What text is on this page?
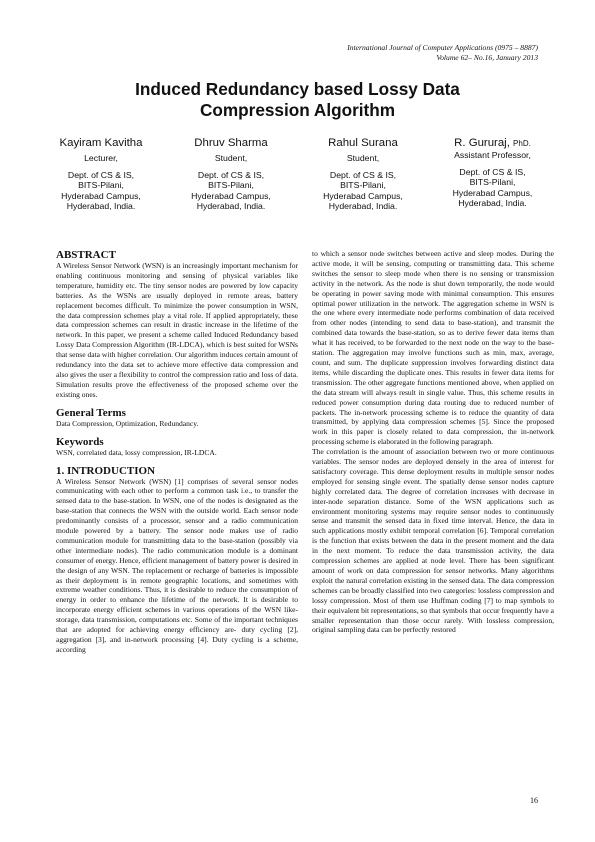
International Journal of Computer Applications (0975 – 8887)
Volume 62– No.16, January 2013
Induced Redundancy based Lossy Data
Compression Algorithm
Kayiram Kavitha
Lecturer,
Dept. of CS & IS,
BITS-Pilani,
Hyderabad Campus,
Hyderabad, India.
Dhruv Sharma
Student,
Dept. of CS & IS,
BITS-Pilani,
Hyderabad Campus,
Hyderabad, India.
Rahul Surana
Student,
Dept. of CS & IS,
BITS-Pilani,
Hyderabad Campus,
Hyderabad, India.
R. Gururaj, PhD.
Assistant Professor,
Dept. of CS & IS,
BITS-Pilani,
Hyderabad Campus,
Hyderabad, India.
ABSTRACT

A Wireless Sensor Network (WSN) is an increasingly important mechanism for enabling continuous monitoring and sensing of physical variables like temperature, humidity etc. The tiny sensor nodes are powered by low capacity batteries. As the WSNs are usually deployed in remote areas, battery replacement becomes difficult. To minimize the power consumption in WSN, the data compression schemes play a vital role. If applied appropriately, these data compression schemes can result in drastic increase in the lifetime of the network. In this paper, we present a scheme called Induced Redundancy based Lossy Data Compression Algorithm (IR-LDCA), which is best suited for WSNs that sense data with higher correlation. Our algorithm induces certain amount of redundancy into the data set to achieve more effective data compression and also gives the user a flexibility to control the compression ratio and loss of data. Simulation results prove the effectiveness of the proposed scheme over the existing ones.

General Terms

Data Compression, Optimization, Redundancy.

Keywords

WSN, correlated data, lossy compression, IR-LDCA.

1. INTRODUCTION

A Wireless Sensor Network (WSN) [1] comprises of several sensor nodes communicating with each other to perform a common task i.e., to transfer the sensed data to the base-station. In WSN, one of the nodes is designated as the base-station that connects the WSN with the outside world. Each sensor node predominantly consists of a processor, sensor and a radio communication module powered by a battery. The sensor node makes use of radio communication module for transmitting data to the base-station (possibly via other intermediate nodes). The radio communication module is a dominant consumer of energy. Hence, efficient management of battery power is desired in the design of any WSN. The replacement or recharge of batteries is impossible as their deployment is in remote geographic locations, and sometimes with extreme weather conditions. Thus, it is desirable to reduce the consumption of energy in order to enhance the lifetime of the network. It is desirable to incorporate energy efficient schemes in various operations of the WSN like-storage, data transmission, computations etc. Some of the important techniques that are adopted for achieving energy efficiency are- duty cycling [2], aggregation [3], and in-network processing [4]. Duty cycling is a scheme, according

to which a sensor node switches between active and sleep modes. During the active mode, it will be sensing, computing or transmitting data. This scheme switches the sensor to sleep mode when there is no sensing or transmission activity in the network. As the node is shut down temporarily, the node would be operating in power saving mode with minimal consumption. This ensures optimal power utilization in the network. The aggregation scheme in WSN is the one where every intermediate node performs combination of data received from other nodes (intending to send data to base-station), and transmit the combined data towards the base-station, so as to derive fewer data items than what it has received, to be forwarded to the next node on the way to the base-station. The aggregation may involve functions such as min, max, average, count, and sum. The duplicate suppression involves forwarding distinct data items, while discarding the duplicate ones. This results in fewer data items for transmission. The other aggregate functions mentioned above, when applied on the data stream will always result in single value. Thus, this scheme results in reduced power consumption during data routing due to reduced number of packets. The in-network processing scheme is to reduce the quantity of data transmitted, by applying data compression schemes [5]. Since the proposed work in this paper is closely related to data compression, the in-network processing scheme is elaborated in the following paragraph.

The correlation is the amount of association between two or more continuous variables. The sensor nodes are deployed densely in the area of interest for satisfactory coverage. This dense deployment results in multiple sensor nodes employed for sensing single event. The spatially dense sensor nodes capture highly correlated data. The degree of correlation increases with decrease in inter-node separation distance. Some of the WSN applications such as environment monitoring systems may require sensor nodes to continuously sense and transmit the sensed data in fixed time interval. Hence, the data in such applications mostly exhibit temporal correlation [6]. Temporal correlation is the function that exists between the data in the present moment and the data in the next moment. To reduce the data transmission activity, the data compression schemes are applied at node level. There has been significant amount of work on data compression for sensor networks. Many algorithms exploit the natural correlation existing in the sensed data. The data compression schemes can be broadly classified into two categories: lossless compression and lossy compression. Most of them use Huffman coding [7] to map symbols to their equivalent bit representations, so that symbols that occur frequently have a smaller representation than those occur rarely. With lossless compression, original sampling data can be perfectly restored

16
